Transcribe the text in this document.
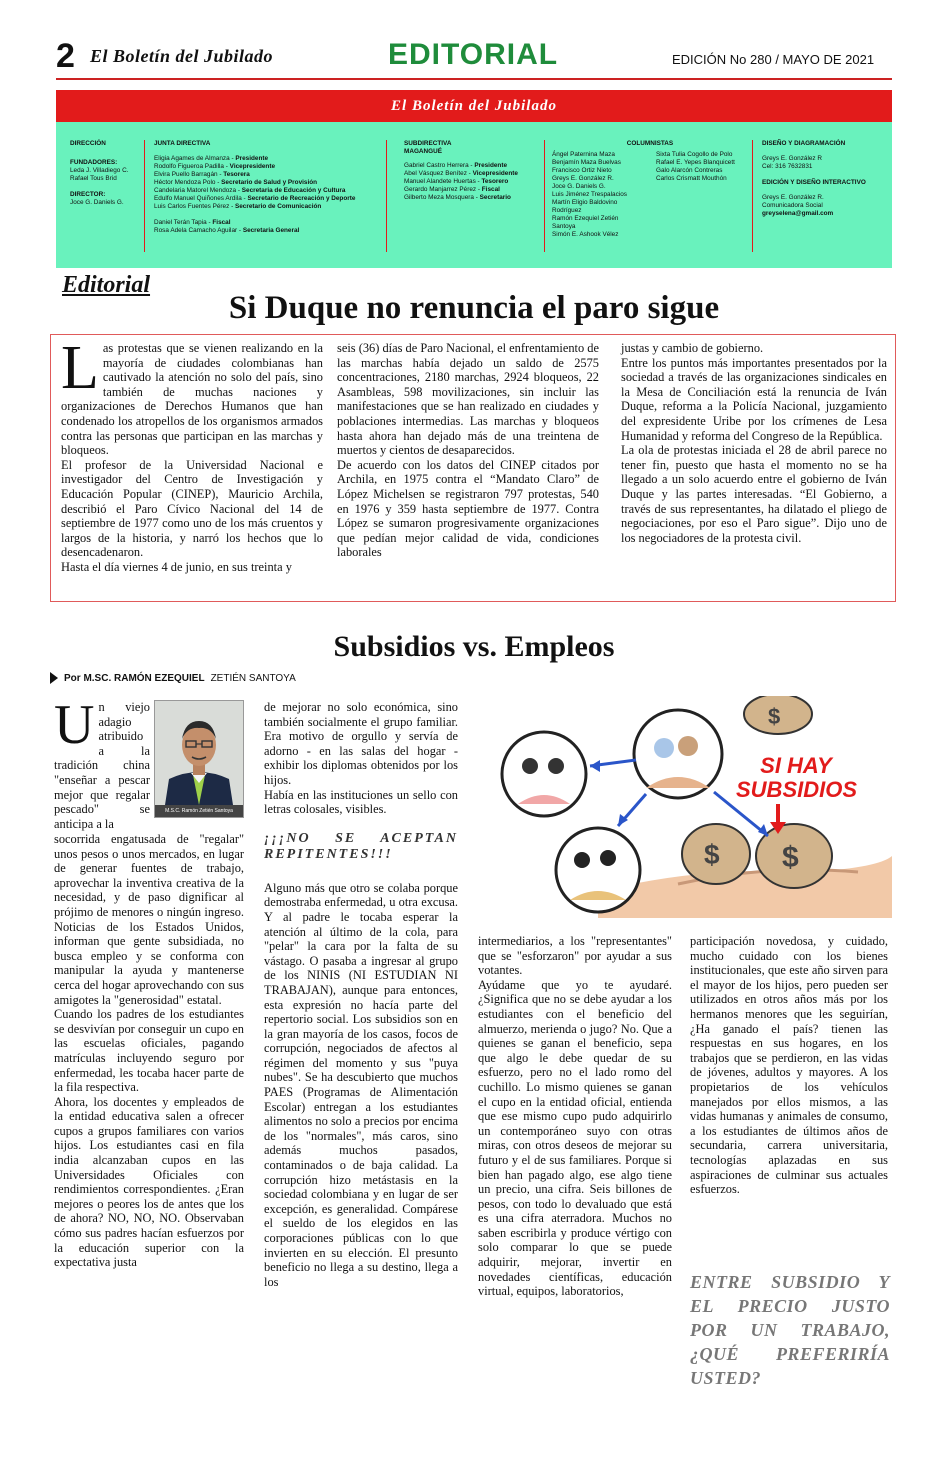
2 El Boletín del Jubilado	EDITORIAL	EDICIÓN No 280 / MAYO DE 2021
El Boletín del Jubilado
DIRECCIÓN
FUNDADORES:
Leda J. Villadiego C.
Rafael Tous Brid
DIRECTOR:
Joce G. Daniels G.
JUNTA DIRECTIVA
Eligia Agames de Almanza - Presidente
Rodolfo Figueroa Padilla - Vicepresidente
Elvira Puello Barragán - Tesorera
Héctor Mendoza Polo - Secretario de Salud y Provisión
Candelaria Matorel Mendoza - Secretaria de Educación y Cultura
Edulfo Manuel Quiñones Ardila - Secretario de Recreación y Deporte
Luis Carlos Fuentes Pérez - Secretario de Comunicación
Daniel Terán Tapia - Fiscal
Rosa Adela Camacho Aguilar - Secretaria General
SUBDIRECTIVA MAGANGUÉ
Gabriel Castro Herrera - Presidente
Abel Vásquez Benítez - Vicepresidente
Manuel Alandete Huertas - Tesorero
Gerardo Manjarrez Pérez - Fiscal
Gilberto Meza Mosquera - Secretario
COLUMNISTAS
Ángel Paternina Maza
Benjamín Maza Buelvas
Francisco Ortiz Nieto
Greys E. González R.
Joce G. Daniels G.
Luis Jiménez Trespalacios
Martín Eligio Baldovino
Rodríguez
Ramón Ezequiel Zetién
Santoya
Simón E. Ashook Vélez
Sixta Tulia Cogollo de Polo
Rafael E. Yepes Blanquicett
Galo Alarcón Contreras
Carlos Crismatt Mouthón
DISEÑO Y DIAGRAMACIÓN
Greys E. González R
Cel: 316 7632831
EDICIÓN Y DISEÑO INTERACTIVO
Greys E. González R.
Comunicadora Social
greyselena@gmail.com
Editorial
Si Duque no renuncia el paro sigue
L as protestas que se vienen realizando en la mayoría de ciudades colombianas han cautivado la atención no solo del país, sino también de muchas naciones y organizaciones de Derechos Humanos que han condenado los atropellos de los organismos armados contra las personas que participan en las marchas y bloqueos.

El profesor de la Universidad Nacional e investigador del Centro de Investigación y Educación Popular (CINEP), Mauricio Archila, describió el Paro Cívico Nacional del 14 de septiembre de 1977 como uno de los más cruentos y largos de la historia, y narró los hechos que lo desencadenaron.

Hasta el día viernes 4 de junio, en sus treinta y

seis (36) días de Paro Nacional, el enfrentamiento de las marchas había dejado un saldo de 2575 concentraciones, 2180 marchas, 2924 bloqueos, 22 Asambleas, 598 movilizaciones, sin incluir las manifestaciones que se han realizado en ciudades y poblaciones intermedias. Las marchas y bloqueos hasta ahora han dejado más de una treintena de muertos y cientos de desaparecidos.

De acuerdo con los datos del CINEP citados por Archila, en 1975 contra el “Mandato Claro” de López Michelsen se registraron 797 protestas, 540 en 1976 y 359 hasta septiembre de 1977. Contra López se sumaron progresivamente organizaciones que pedían mejor calidad de vida, condiciones laborales

justas y cambio de gobierno.

Entre los puntos más importantes presentados por la sociedad a través de las organizaciones sindicales en la Mesa de Conciliación está la renuncia de Iván Duque, reforma a la Policía Nacional, juzgamiento del expresidente Uribe por los crímenes de Lesa Humanidad y reforma del Congreso de la República.

La ola de protestas iniciada el 28 de abril parece no tener fin, puesto que hasta el momento no se ha llegado a un solo acuerdo entre el gobierno de Iván Duque y las partes interesadas. “El Gobierno, a través de sus representantes, ha dilatado el pliego de negociaciones, por eso el Paro sigue”. Dijo uno de los negociadores de la protesta civil.

Subsidios vs. Empleos
Por M.SC. RAMÓN EZEQUIEL ZETIÉN SANTOYA
M.S.C. Ramón Zetién Santoya
U n viejo adagio atribuido a la tradición china "enseñar a pescar mejor que regalar pescado" se anticipa a la

socorrida engatusada de "regalar" unos pesos o unos mercados, en lugar de generar fuentes de trabajo, aprovechar la inventiva creativa de la necesidad, y de paso dignificar al prójimo de menores o ningún ingreso. Noticias de los Estados Unidos, informan que gente subsidiada, no busca empleo y se conforma con manipular la ayuda y mantenerse cerca del hogar aprovechando con sus amigotes la "generosidad" estatal.

Cuando los padres de los estudiantes se desvivían por conseguir un cupo en las escuelas oficiales, pagando matrículas incluyendo seguro por enfermedad, les tocaba hacer parte de la fila respectiva.

Ahora, los docentes y empleados de la entidad educativa salen a ofrecer cupos a grupos familiares con varios hijos. Los estudiantes casi en fila india alcanzaban cupos en las Universidades Oficiales con rendimientos correspondientes. ¿Eran mejores o peores los de antes que los de ahora? NO, NO, NO. Observaban cómo sus padres hacían esfuerzos por la educación superior con la expectativa justa

de mejorar no solo económica, sino también socialmente el grupo familiar. Era motivo de orgullo y servía de adorno - en las salas del hogar - exhibir los diplomas obtenidos por los hijos.

Había en las instituciones un sello con letras colosales, visibles.

¡¡¡NO SE ACEPTAN REPITENTES!!!

Alguno más que otro se colaba porque demostraba enfermedad, u otra excusa. Y al padre le tocaba esperar la atención al último de la cola, para "pelar" la cara por la falta de su vástago. O pasaba a ingresar al grupo de los NINIS (NI ESTUDIAN NI TRABAJAN), aunque para entonces, esta expresión no hacía parte del repertorio social. Los subsidios son en la gran mayoría de los casos, focos de corrupción, negociados de afectos al régimen del momento y sus "puya nubes". Se ha descubierto que muchos PAES (Programas de Alimentación Escolar) entregan a los estudiantes alimentos no solo a precios por encima de los "normales", más caros, sino además muchos pasados, contaminados o de baja calidad. La corrupción hizo metástasis en la sociedad colombiana y en lugar de ser excepción, es generalidad. Compárese el sueldo de los elegidos en las corporaciones públicas con lo que invierten en su elección. El presunto beneficio no llega a su destino, llega a los

$ $
$
SI HAY SUBSIDIOS

intermediarios, a los "representantes" que se "esforzaron" por ayudar a sus votantes.

Ayúdame que yo te ayudaré. ¿Significa que no se debe ayudar a los estudiantes con el beneficio del almuerzo, merienda o jugo? No. Que a quienes se ganan el beneficio, sepa que algo le debe quedar de su esfuerzo, pero no el lado romo del cuchillo. Lo mismo quienes se ganan el cupo en la entidad oficial, entienda que ese mismo cupo pudo adquirirlo un contemporáneo suyo con otras miras, con otros deseos de mejorar su futuro y el de sus familiares. Porque si bien han pagado algo, ese algo tiene un precio, una cifra. Seis billones de pesos, con todo lo devaluado que está es una cifra aterradora. Muchos no saben escribirla y produce vértigo con solo comparar lo que se puede adquirir, mejorar, invertir en novedades científicas, educación virtual, equipos, laboratorios,

participación novedosa, y cuidado, mucho cuidado con los bienes institucionales, que este año sirven para el mayor de los hijos, pero pueden ser utilizados en otros años más por los hermanos menores que les seguirían, ¿Ha ganado el país? tienen las respuestas en sus hogares, en los trabajos que se perdieron, en las vidas de jóvenes, adultos y mayores. A los propietarios de los vehículos manejados por ellos mismos, a las vidas humanas y animales de consumo, a los estudiantes de últimos años de secundaria, carrera universitaria, tecnologías aplazadas en sus aspiraciones de culminar sus actuales esfuerzos.

ENTRE SUBSIDIO Y EL PRECIO JUSTO POR UN TRABAJO, ¿QUÉ PREFERIRÍA USTED?
